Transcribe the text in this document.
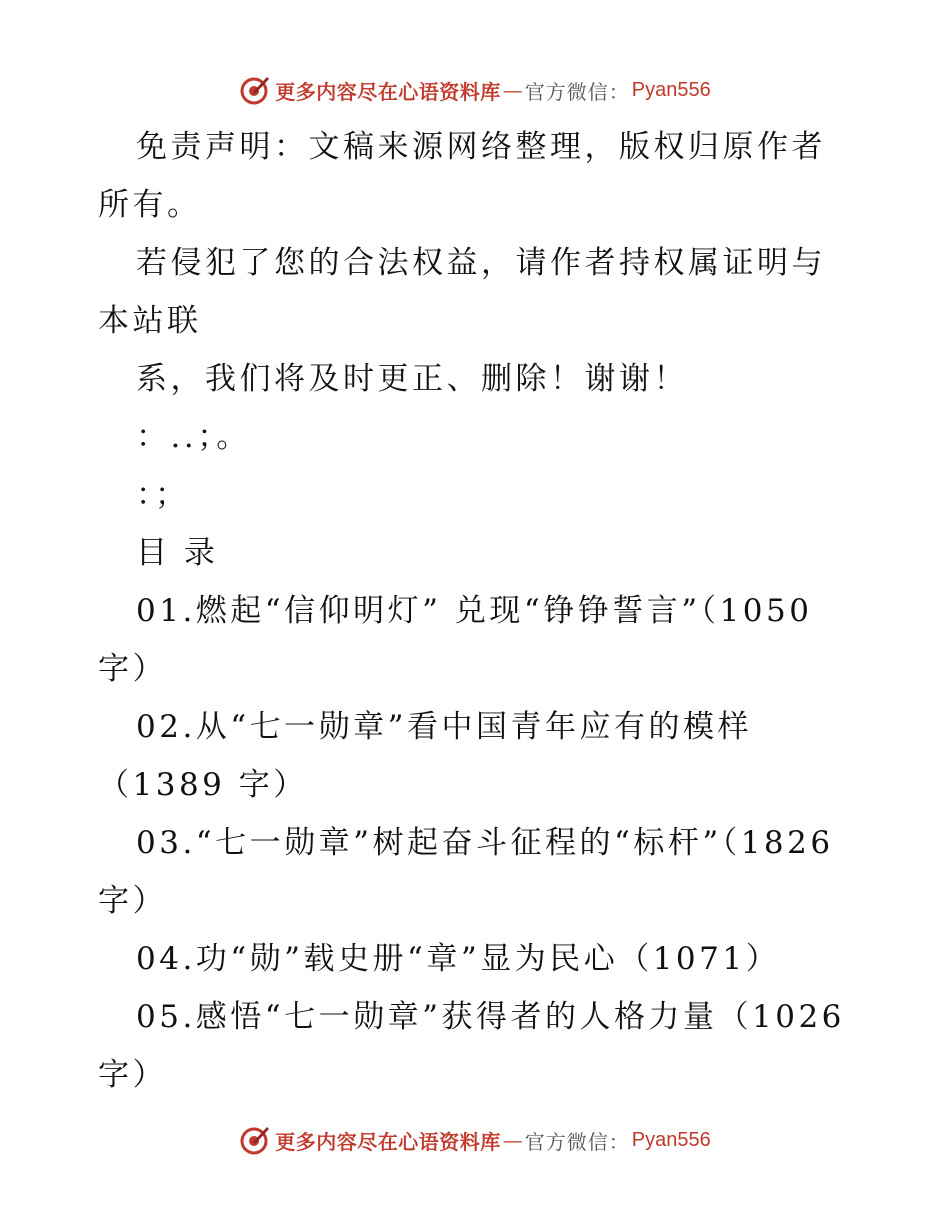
更多内容尽在心语资料库 — 官方微信： Pyan556
免责声明：文稿来源网络整理，版权归原作者所有。
若侵犯了您的合法权益，请作者持权属证明与本站联
系，我们将及时更正、删除！谢谢！
：..；。
：；
目 录
01.燃起“信仰明灯” 兑现“铮铮誓言”（1050字）
02.从“七一勋章”看中国青年应有的模样（1389 字）
03.“七一勋章”树起奋斗征程的“标杆”（1826 字）
04.功“勋”载史册“章”显为民心（1071）
05.感悟“七一勋章”获得者的人格力量（1026字）
更多内容尽在心语资料库 — 官方微信： Pyan556
